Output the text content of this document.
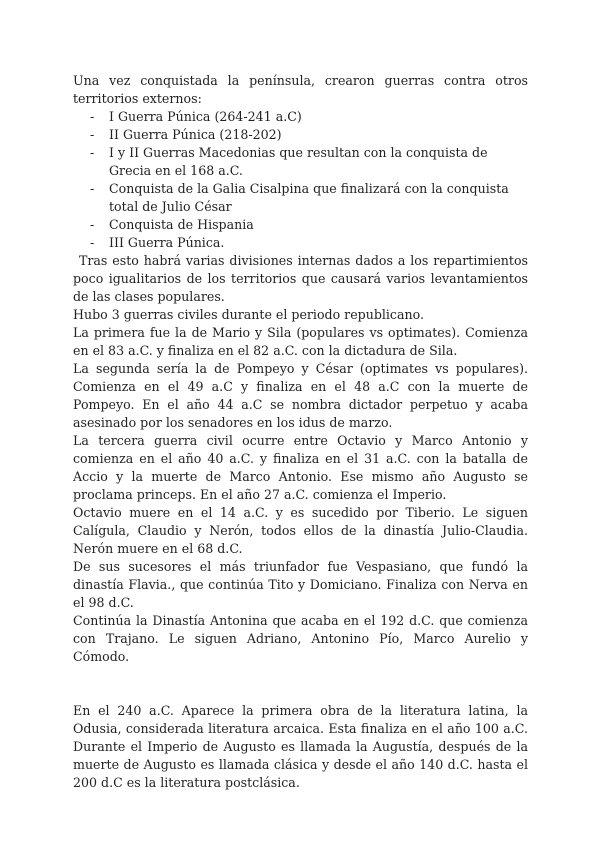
Una vez conquistada la península, crearon guerras contra otros territorios externos:

- I Guerra Púnica (264-241 a.C)
- II Guerra Púnica (218-202)
- I y II Guerras Macedonias que resultan con la conquista de Grecia en el 168 a.C.
- Conquista de la Galia Cisalpina que finalizará con la conquista total de Julio César
- Conquista de Hispania
- III Guerra Púnica.

Tras esto habrá varias divisiones internas dados a los repartimientos poco igualitarios de los territorios que causará varios levantamientos de las clases populares.

Hubo 3 guerras civiles durante el periodo republicano.

La primera fue la de Mario y Sila (populares vs optimates). Comienza en el 83 a.C. y finaliza en el 82 a.C. con la dictadura de Sila.

La segunda sería la de Pompeyo y César (optimates vs populares). Comienza en el 49 a.C y finaliza en el 48 a.C con la muerte de Pompeyo. En el año 44 a.C se nombra dictador perpetuo y acaba asesinado por los senadores en los idus de marzo.

La tercera guerra civil ocurre entre Octavio y Marco Antonio y comienza en el año 40 a.C. y finaliza en el 31 a.C. con la batalla de Accio y la muerte de Marco Antonio. Ese mismo año Augusto se proclama princeps. En el año 27 a.C. comienza el Imperio.

Octavio muere en el 14 a.C. y es sucedido por Tiberio. Le siguen Calígula, Claudio y Nerón, todos ellos de la dinastía Julio-Claudia. Nerón muere en el 68 d.C.

De sus sucesores el más triunfador fue Vespasiano, que fundó la dinastía Flavia., que continúa Tito y Domiciano. Finaliza con Nerva en el 98 d.C.

Continúa la Dinastía Antonina que acaba en el 192 d.C. que comienza con Trajano. Le siguen Adriano, Antonino Pío, Marco Aurelio y Cómodo.

En el 240 a.C. Aparece la primera obra de la literatura latina, la Odusia, considerada literatura arcaica. Esta finaliza en el año 100 a.C. Durante el Imperio de Augusto es llamada la Augustía, después de la muerte de Augusto es llamada clásica y desde el año 140 d.C. hasta el 200 d.C es la literatura postclásica.
